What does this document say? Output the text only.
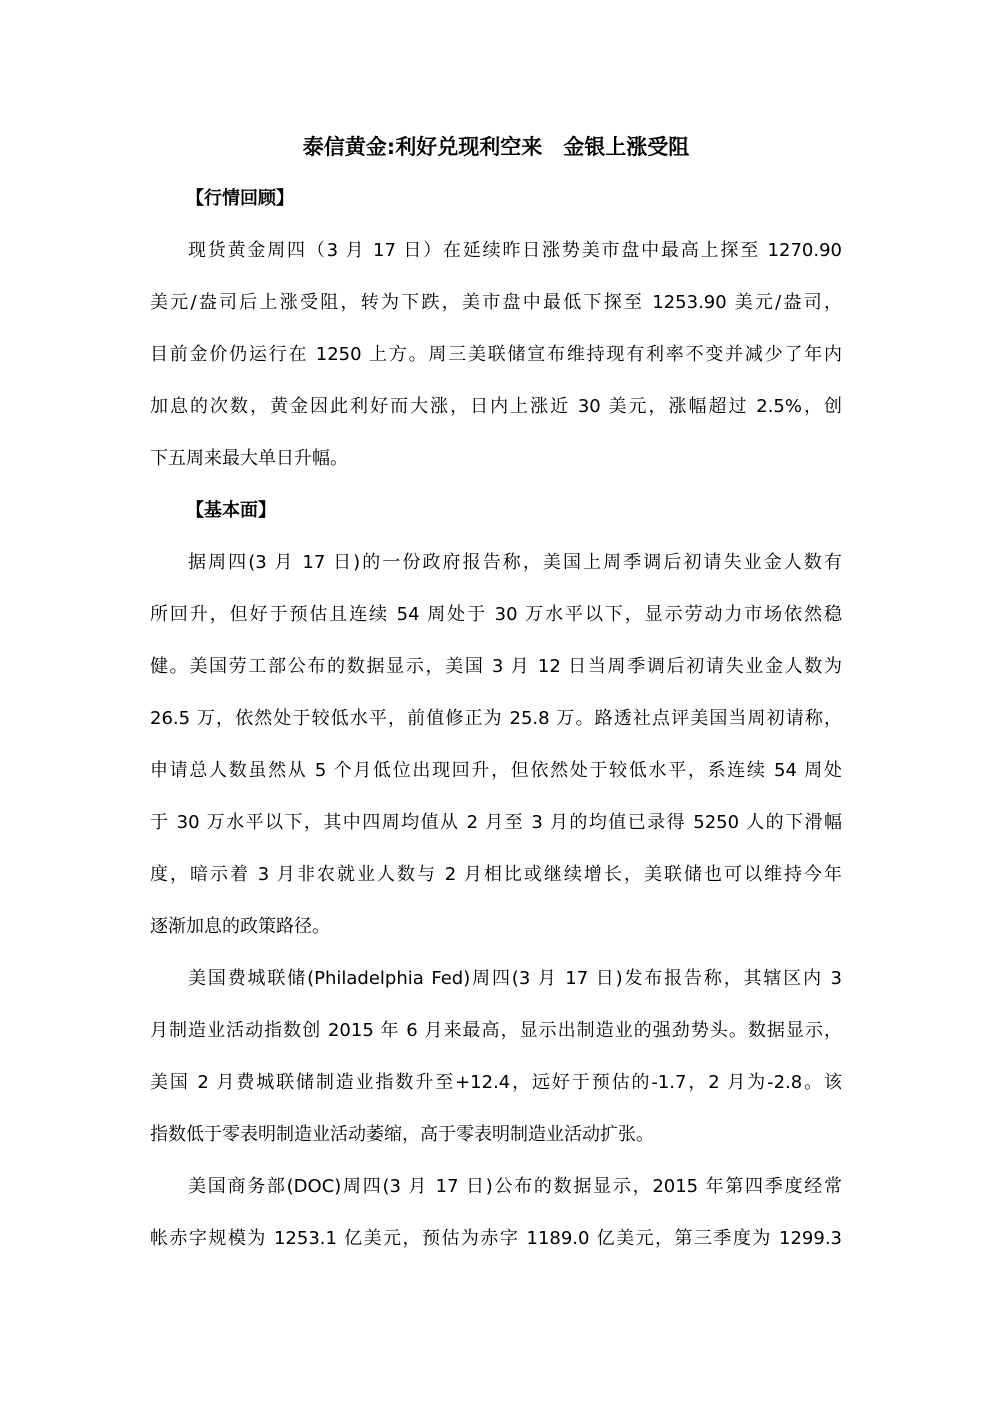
泰信黄金:利好兑现利空来　金银上涨受阻
【行情回顾】
现货黄金周四（3 月 17 日）在延续昨日涨势美市盘中最高上探至 1270.90
美元/盎司后上涨受阻，转为下跌，美市盘中最低下探至 1253.90 美元/盎司，
目前金价仍运行在 1250 上方。周三美联储宣布维持现有利率不变并减少了年内
加息的次数，黄金因此利好而大涨，日内上涨近 30 美元，涨幅超过 2.5%，创
下五周来最大单日升幅。
【基本面】
据周四(3 月 17 日)的一份政府报告称，美国上周季调后初请失业金人数有
所回升，但好于预估且连续 54 周处于 30 万水平以下，显示劳动力市场依然稳
健。美国劳工部公布的数据显示，美国 3 月 12 日当周季调后初请失业金人数为
26.5 万，依然处于较低水平，前值修正为 25.8 万。路透社点评美国当周初请称，
申请总人数虽然从 5 个月低位出现回升，但依然处于较低水平，系连续 54 周处
于 30 万水平以下，其中四周均值从 2 月至 3 月的均值已录得 5250 人的下滑幅
度，暗示着 3 月非农就业人数与 2 月相比或继续增长，美联储也可以维持今年
逐渐加息的政策路径。
美国费城联储(Philadelphia Fed)周四(3 月 17 日)发布报告称，其辖区内 3
月制造业活动指数创 2015 年 6 月来最高，显示出制造业的强劲势头。数据显示，
美国 2 月费城联储制造业指数升至+12.4，远好于预估的-1.7，2 月为-2.8。该
指数低于零表明制造业活动萎缩，高于零表明制造业活动扩张。
美国商务部(DOC)周四(3 月 17 日)公布的数据显示，2015 年第四季度经常
帐赤字规模为 1253.1 亿美元，预估为赤字 1189.0 亿美元，第三季度为 1299.3
